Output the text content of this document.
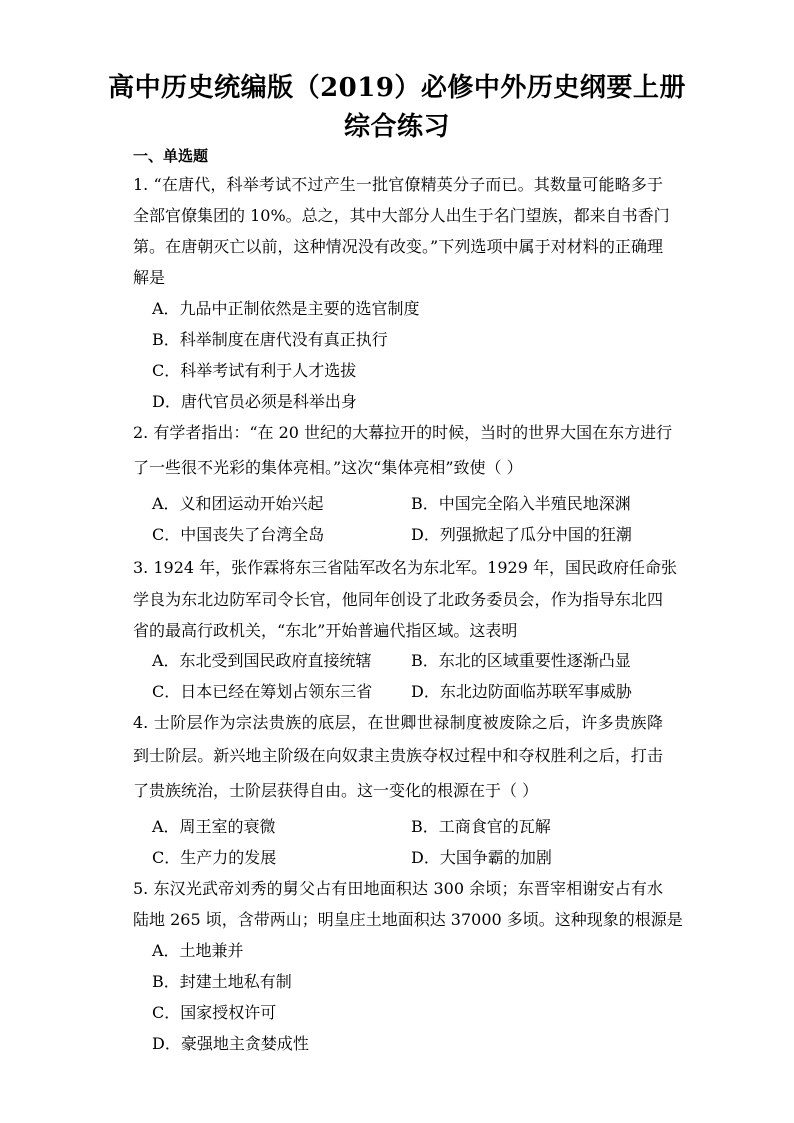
高中历史统编版（2019）必修中外历史纲要上册
综合练习
一、单选题
1. “在唐代，科举考试不过产生一批官僚精英分子而已。其数量可能略多于
全部官僚集团的 10%。总之，其中大部分人出生于名门望族，都来自书香门
第。在唐朝灭亡以前，这种情况没有改变。”下列选项中属于对材料的正确理
解是
A．九品中正制依然是主要的选官制度
B．科举制度在唐代没有真正执行
C．科举考试有利于人才选拔
D．唐代官员必须是科举出身
2. 有学者指出：“在 20 世纪的大幕拉开的时候，当时的世界大国在东方进行
了一些很不光彩的集体亮相。”这次“集体亮相”致使（ ）
A．义和团运动开始兴起	B．中国完全陷入半殖民地深渊
C．中国丧失了台湾全岛	D．列强掀起了瓜分中国的狂潮
3. 1924 年，张作霖将东三省陆军改名为东北军。1929 年，国民政府任命张
学良为东北边防军司令长官，他同年创设了北政务委员会，作为指导东北四
省的最高行政机关，“东北”开始普遍代指区域。这表明
A．东北受到国民政府直接统辖 B．东北的区域重要性逐渐凸显
C．日本已经在筹划占领东三省 D．东北边防面临苏联军事威胁
4. 士阶层作为宗法贵族的底层，在世卿世禄制度被废除之后，许多贵族降
到士阶层。新兴地主阶级在向奴隶主贵族夺权过程中和夺权胜利之后，打击
了贵族统治，士阶层获得自由。这一变化的根源在于（ ）
A．周王室的衰微	B．工商食官的瓦解
C．生产力的发展	D．大国争霸的加剧
5. 东汉光武帝刘秀的舅父占有田地面积达 300 余顷；东晋宰相谢安占有水
陆地 265 顷，含带两山；明皇庄土地面积达 37000 多顷。这种现象的根源是
A．土地兼并
B．封建土地私有制
C．国家授权许可
D．豪强地主贪婪成性
